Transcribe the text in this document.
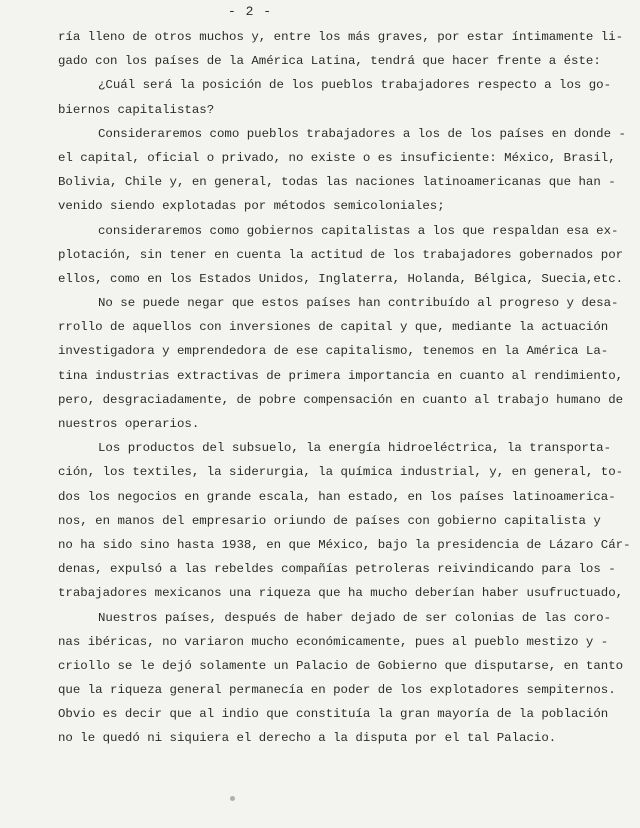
- 2 -
ría lleno de otros muchos y, entre los más graves, por estar íntimamente li-
gado con los países de la América Latina, tendrá que hacer frente a éste:
¿Cuál será la posición de los pueblos trabajadores respecto a los go-
biernos capitalistas?
Consideraremos como pueblos trabajadores a los de los países en donde -
el capital, oficial o privado, no existe o es insuficiente: México, Brasil,
Bolivia, Chile y, en general, todas las naciones latinoamericanas que han -
venido siendo explotadas por métodos semicoloniales;
consideraremos como gobiernos capitalistas a los que respaldan esa ex-
plotación, sin tener en cuenta la actitud de los trabajadores gobernados por
ellos, como en los Estados Unidos, Inglaterra, Holanda, Bélgica, Suecia,etc.
No se puede negar que estos países han contribuído al progreso y desa-
rrollo de aquellos con inversiones de capital y que, mediante la actuación
investigadora y emprendedora de ese capitalismo, tenemos en la América La-
tina industrias extractivas de primera importancia en cuanto al rendimiento,
pero, desgraciadamente, de pobre compensación en cuanto al trabajo humano de
nuestros operarios.
Los productos del subsuelo, la energía hidroeléctrica, la transporta-
ción, los textiles, la siderurgia, la química industrial, y, en general, to-
dos los negocios en grande escala, han estado, en los países latinoamerica-
nos, en manos del empresario oriundo de países con gobierno capitalista y
no ha sido sino hasta 1938, en que México, bajo la presidencia de Lázaro Cár-
denas, expulsó a las rebeldes compañías petroleras reivindicando para los -
trabajadores mexicanos una riqueza que ha mucho deberían haber usufructuado,
Nuestros países, después de haber dejado de ser colonias de las coro-
nas ibéricas, no variaron mucho económicamente, pues al pueblo mestizo y -
criollo se le dejó solamente un Palacio de Gobierno que disputarse, en tanto
que la riqueza general permanecía en poder de los explotadores sempiternos.
Obvio es decir que al indio que constituía la gran mayoría de la población
no le quedó ni siquiera el derecho a la disputa por el tal Palacio.
